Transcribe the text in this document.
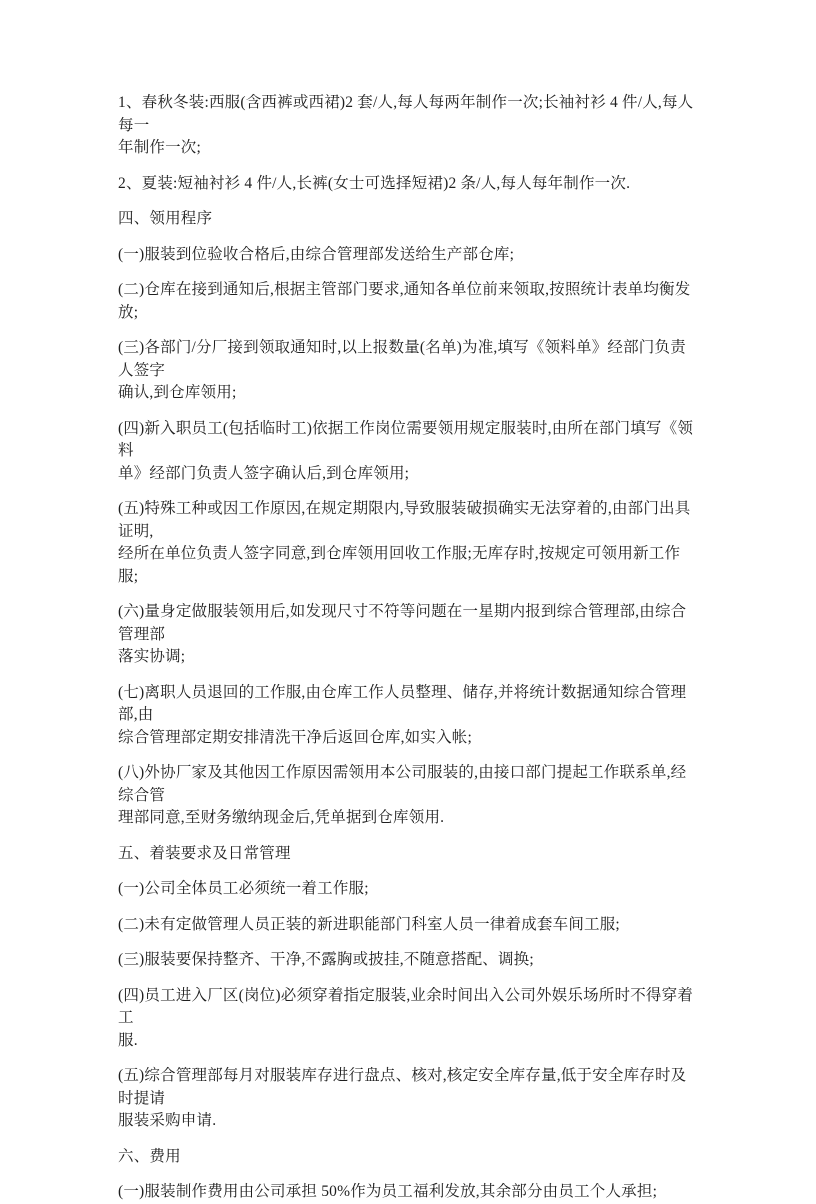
1、春秋冬装:西服(含西裤或西裙)2 套/人,每人每两年制作一次;长袖衬衫 4 件/人,每人每一
年制作一次;

2、夏装:短袖衬衫 4 件/人,长裤(女士可选择短裙)2 条/人,每人每年制作一次.

四、领用程序

(一)服装到位验收合格后,由综合管理部发送给生产部仓库;

(二)仓库在接到通知后,根据主管部门要求,通知各单位前来领取,按照统计表单均衡发放;

(三)各部门/分厂接到领取通知时,以上报数量(名单)为准,填写《领料单》经部门负责人签字
确认,到仓库领用;

(四)新入职员工(包括临时工)依据工作岗位需要领用规定服装时,由所在部门填写《领料
单》经部门负责人签字确认后,到仓库领用;

(五)特殊工种或因工作原因,在规定期限内,导致服装破损确实无法穿着的,由部门出具证明,
经所在单位负责人签字同意,到仓库领用回收工作服;无库存时,按规定可领用新工作服;

(六)量身定做服装领用后,如发现尺寸不符等问题在一星期内报到综合管理部,由综合管理部
落实协调;

(七)离职人员退回的工作服,由仓库工作人员整理、储存,并将统计数据通知综合管理部,由
综合管理部定期安排清洗干净后返回仓库,如实入帐;

(八)外协厂家及其他因工作原因需领用本公司服装的,由接口部门提起工作联系单,经综合管
理部同意,至财务缴纳现金后,凭单据到仓库领用.

五、着装要求及日常管理

(一)公司全体员工必须统一着工作服;

(二)未有定做管理人员正装的新进职能部门科室人员一律着成套车间工服;

(三)服装要保持整齐、干净,不露胸或披挂,不随意搭配、调换;

(四)员工进入厂区(岗位)必须穿着指定服装,业余时间出入公司外娱乐场所时不得穿着工
服.

(五)综合管理部每月对服装库存进行盘点、核对,核定安全库存量,低于安全库存时及时提请
服装采购申请.

六、费用

(一)服装制作费用由公司承担 50%作为员工福利发放,其余部分由员工个人承担;
